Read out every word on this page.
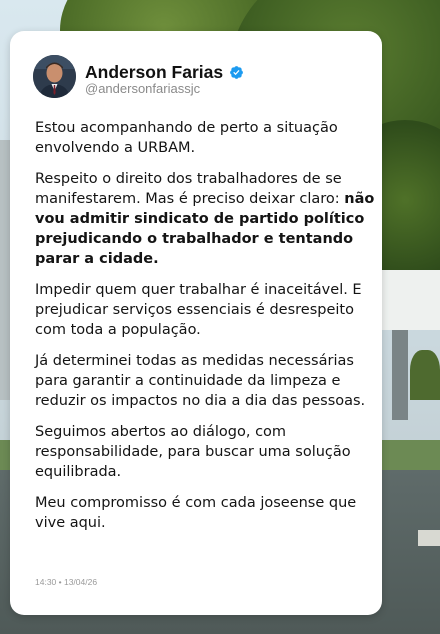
Anderson Farias
@andersonfariassjc

Estou acompanhando de perto a situação envolvendo a URBAM.

Respeito o direito dos trabalhadores de se manifestarem. Mas é preciso deixar claro: não vou admitir sindicato de partido político prejudicando o trabalhador e tentando parar a cidade.

Impedir quem quer trabalhar é inaceitável. E prejudicar serviços essenciais é desrespeito com toda a população.

Já determinei todas as medidas necessárias para garantir a continuidade da limpeza e reduzir os impactos no dia a dia das pessoas.

Seguimos abertos ao diálogo, com responsabilidade, para buscar uma solução equilibrada.

Meu compromisso é com cada joseense que vive aqui.

14:30 • 13/04/26
